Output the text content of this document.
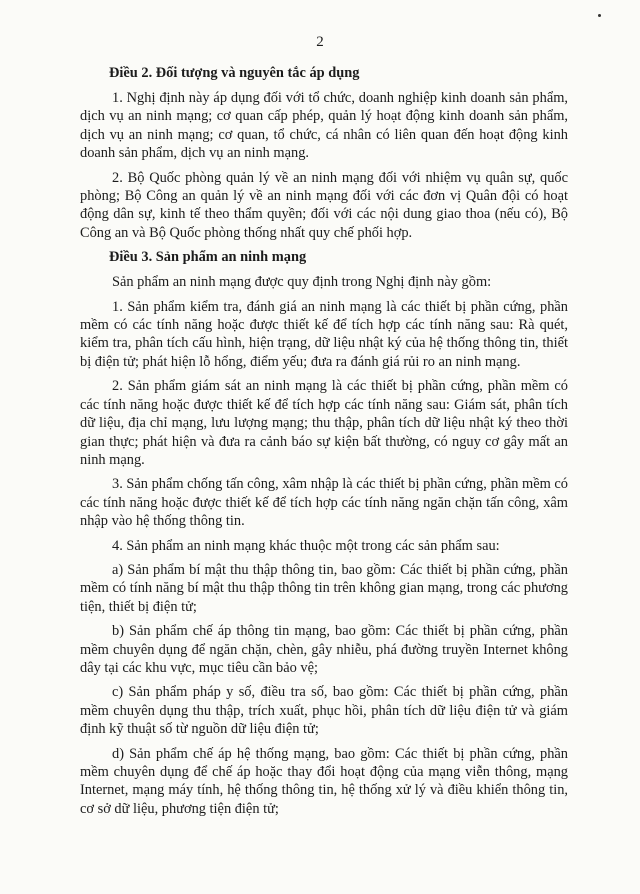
2
Điều 2. Đối tượng và nguyên tắc áp dụng

1. Nghị định này áp dụng đối với tổ chức, doanh nghiệp kinh doanh sản phẩm, dịch vụ an ninh mạng; cơ quan cấp phép, quản lý hoạt động kinh doanh sản phẩm, dịch vụ an ninh mạng; cơ quan, tổ chức, cá nhân có liên quan đến hoạt động kinh doanh sản phẩm, dịch vụ an ninh mạng.

2. Bộ Quốc phòng quản lý về an ninh mạng đối với nhiệm vụ quân sự, quốc phòng; Bộ Công an quản lý về an ninh mạng đối với các đơn vị Quân đội có hoạt động dân sự, kinh tế theo thẩm quyền; đối với các nội dung giao thoa (nếu có), Bộ Công an và Bộ Quốc phòng thống nhất quy chế phối hợp.

Điều 3. Sản phẩm an ninh mạng

Sản phẩm an ninh mạng được quy định trong Nghị định này gồm:

1. Sản phẩm kiểm tra, đánh giá an ninh mạng là các thiết bị phần cứng, phần mềm có các tính năng hoặc được thiết kế để tích hợp các tính năng sau: Rà quét, kiểm tra, phân tích cấu hình, hiện trạng, dữ liệu nhật ký của hệ thống thông tin, thiết bị điện tử; phát hiện lỗ hổng, điểm yếu; đưa ra đánh giá rủi ro an ninh mạng.

2. Sản phẩm giám sát an ninh mạng là các thiết bị phần cứng, phần mềm có các tính năng hoặc được thiết kế để tích hợp các tính năng sau: Giám sát, phân tích dữ liệu, địa chỉ mạng, lưu lượng mạng; thu thập, phân tích dữ liệu nhật ký theo thời gian thực; phát hiện và đưa ra cảnh báo sự kiện bất thường, có nguy cơ gây mất an ninh mạng.

3. Sản phẩm chống tấn công, xâm nhập là các thiết bị phần cứng, phần mềm có các tính năng hoặc được thiết kế để tích hợp các tính năng ngăn chặn tấn công, xâm nhập vào hệ thống thông tin.

4. Sản phẩm an ninh mạng khác thuộc một trong các sản phẩm sau:

a) Sản phẩm bí mật thu thập thông tin, bao gồm: Các thiết bị phần cứng, phần mềm có tính năng bí mật thu thập thông tin trên không gian mạng, trong các phương tiện, thiết bị điện tử;

b) Sản phẩm chế áp thông tin mạng, bao gồm: Các thiết bị phần cứng, phần mềm chuyên dụng để ngăn chặn, chèn, gây nhiễu, phá đường truyền Internet không dây tại các khu vực, mục tiêu cần bảo vệ;

c) Sản phẩm pháp y số, điều tra số, bao gồm: Các thiết bị phần cứng, phần mềm chuyên dụng thu thập, trích xuất, phục hồi, phân tích dữ liệu điện tử và giám định kỹ thuật số từ nguồn dữ liệu điện tử;

d) Sản phẩm chế áp hệ thống mạng, bao gồm: Các thiết bị phần cứng, phần mềm chuyên dụng để chế áp hoặc thay đổi hoạt động của mạng viễn thông, mạng Internet, mạng máy tính, hệ thống thông tin, hệ thống xử lý và điều khiển thông tin, cơ sở dữ liệu, phương tiện điện tử;
